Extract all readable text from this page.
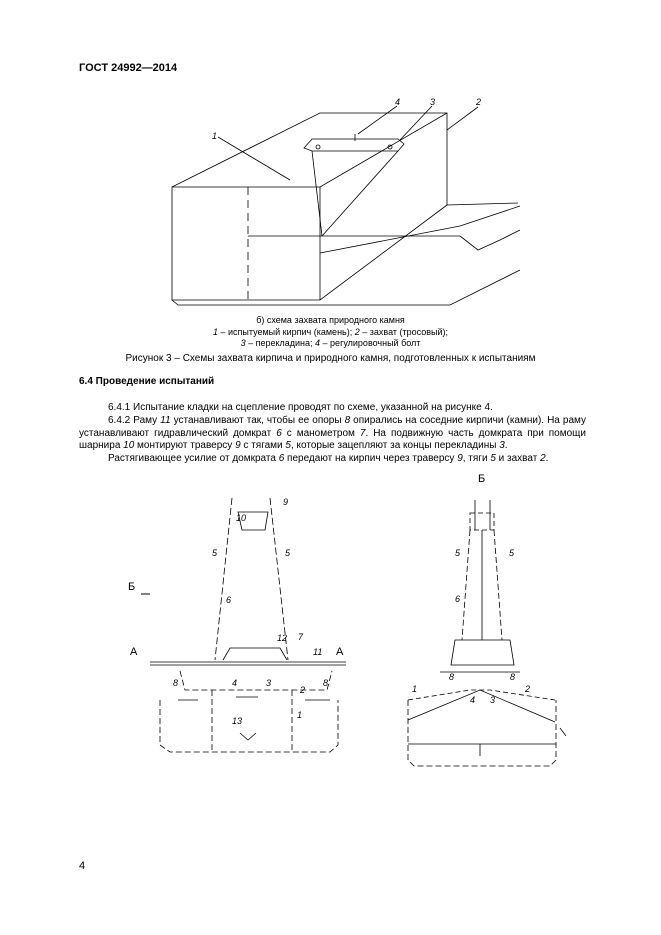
ГОСТ 24992—2014
1
2
3
4
9
10
5	5
Б
6
А	А
7
12
11
8	4	3
2
8
13
1
Б
5	5
6
8	8
1
4 3
2
б) схема захвата природного камня
1 – испытуемый кирпич (камень); 2 – захват (тросовый);
3 – перекладина; 4 – регулировочный болт
Рисунок 3 – Схемы захвата кирпича и природного камня, подготовленных к испытаниям
6.4 Проведение испытаний
6.4.1 Испытание кладки на сцепление проводят по схеме, указанной на рисунке 4.
6.4.2 Раму 11 устанавливают так, чтобы ее опоры 8 опирались на соседние кирпичи (камни). На раму устанавливают гидравлический домкрат 6 с манометром 7. На подвижную часть домкрата при помощи шарнира 10 монтируют траверсу 9 с тягами 5, которые зацепляют за концы перекладины 3.
Растягивающее усилие от домкрата 6 передают на кирпич через траверсу 9, тяги 5 и захват 2.
4
